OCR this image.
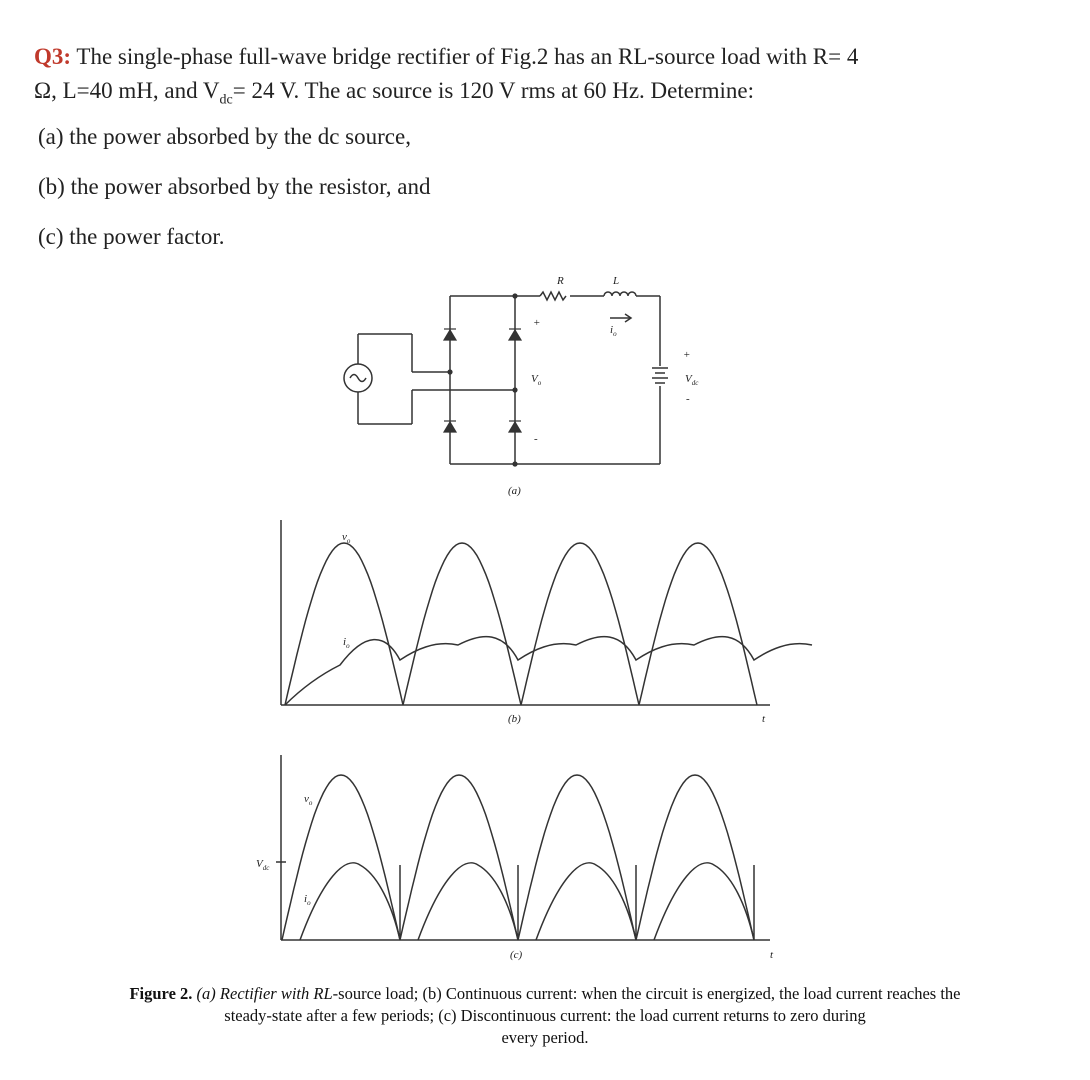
Q3: The single-phase full-wave bridge rectifier of Fig.2 has an RL-source load with R= 4
Ω, L=40 mH, and $V_{dc}= 24$ V. The ac source is 120 V rms at 60 Hz. Determine:
(a) the power absorbed by the dc source,
(b) the power absorbed by the resistor, and
(c) the power factor.
R	L
$i_o$
$V_o$
+
-
+
$V_{dc}$
-
(a)
$v_o$
$i_o$
t
(b)
$v_o$
$i_o$
$V_{dc}$
t
(c)
Figure 2. (a) Rectifier with RL-source load; (b) Continuous current: when the circuit is energized, the load current reaches the
steady-state after a few periods; (c) Discontinuous current: the load current returns to zero during
every period.
